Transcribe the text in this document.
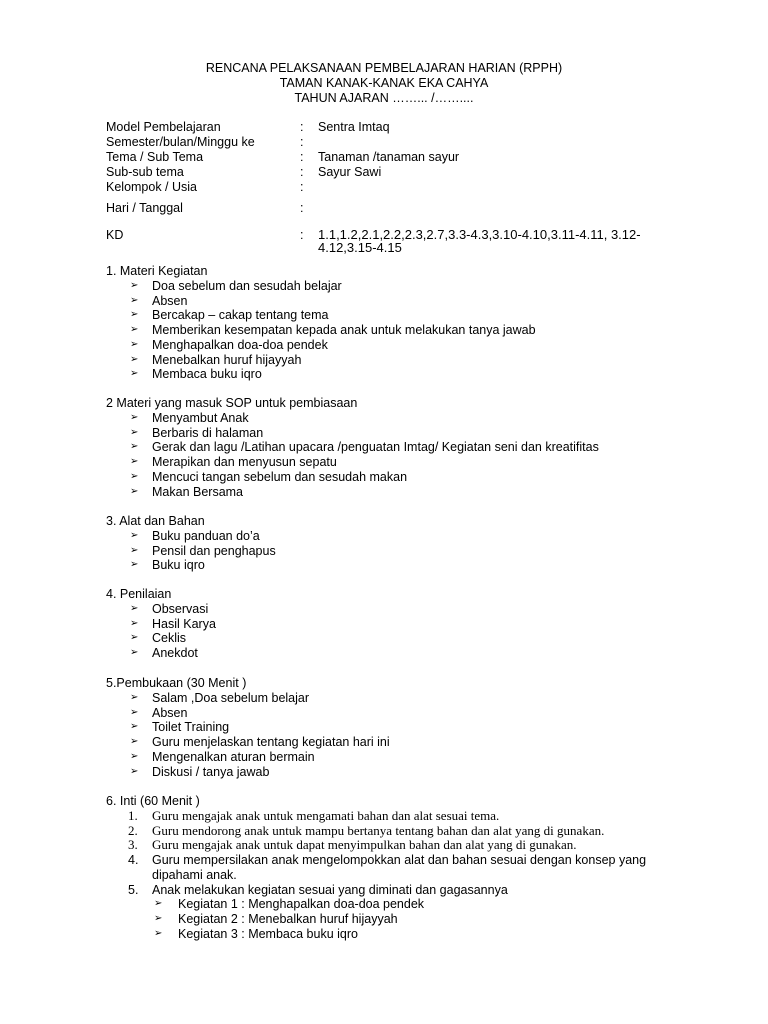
RENCANA PELAKSANAAN PEMBELAJARAN HARIAN (RPPH)
TAMAN KANAK-KANAK EKA CAHYA
TAHUN AJARAN ……... /……....
Model Pembelajaran	: Sentra Imtaq
Semester/bulan/Minggu ke	:
Tema / Sub Tema	: Tanaman /tanaman sayur
Sub-sub tema	: Sayur Sawi
Kelompok / Usia	:
Hari / Tanggal	:
KD	: 1.1,1.2,2.1,2.2,2.3,2.7,3.3-4.3,3.10-4.10,3.11-4.11, 3.12-4.12,3.15-4.15
1. Materi Kegiatan
➢ Doa sebelum dan sesudah belajar
➢ Absen
➢ Bercakap – cakap tentang tema
➢ Memberikan kesempatan kepada anak untuk melakukan tanya jawab
➢ Menghapalkan doa-doa pendek
➢ Menebalkan huruf hijayyah
➢ Membaca buku iqro
2 Materi yang masuk SOP untuk pembiasaan
➢ Menyambut Anak
➢ Berbaris di halaman
➢ Gerak dan lagu /Latihan upacara /penguatan Imtag/ Kegiatan seni dan kreatifitas
➢ Merapikan dan menyusun sepatu
➢ Mencuci tangan sebelum dan sesudah makan
➢ Makan Bersama
3. Alat dan Bahan
➢ Buku panduan do’a
➢ Pensil dan penghapus
➢ Buku iqro
4. Penilaian
➢ Observasi
➢ Hasil Karya
➢ Ceklis
➢ Anekdot
5.Pembukaan (30 Menit )
➢ Salam ,Doa sebelum belajar
➢ Absen
➢ Toilet Training
➢ Guru menjelaskan tentang kegiatan hari ini
➢ Mengenalkan aturan bermain
➢ Diskusi / tanya jawab
6. Inti (60 Menit )
1. Guru mengajak anak untuk mengamati bahan dan alat sesuai tema.
2. Guru mendorong anak untuk mampu bertanya tentang bahan dan alat yang di gunakan.
3. Guru mengajak anak untuk dapat menyimpulkan bahan dan alat yang di gunakan.
4. Guru mempersilakan anak mengelompokkan alat dan bahan sesuai dengan konsep yang dipahami anak.
5. Anak melakukan kegiatan sesuai yang diminati dan gagasannya
➢ Kegiatan 1 : Menghapalkan doa-doa pendek
➢ Kegiatan 2 : Menebalkan huruf hijayyah
➢ Kegiatan 3 : Membaca buku iqro
